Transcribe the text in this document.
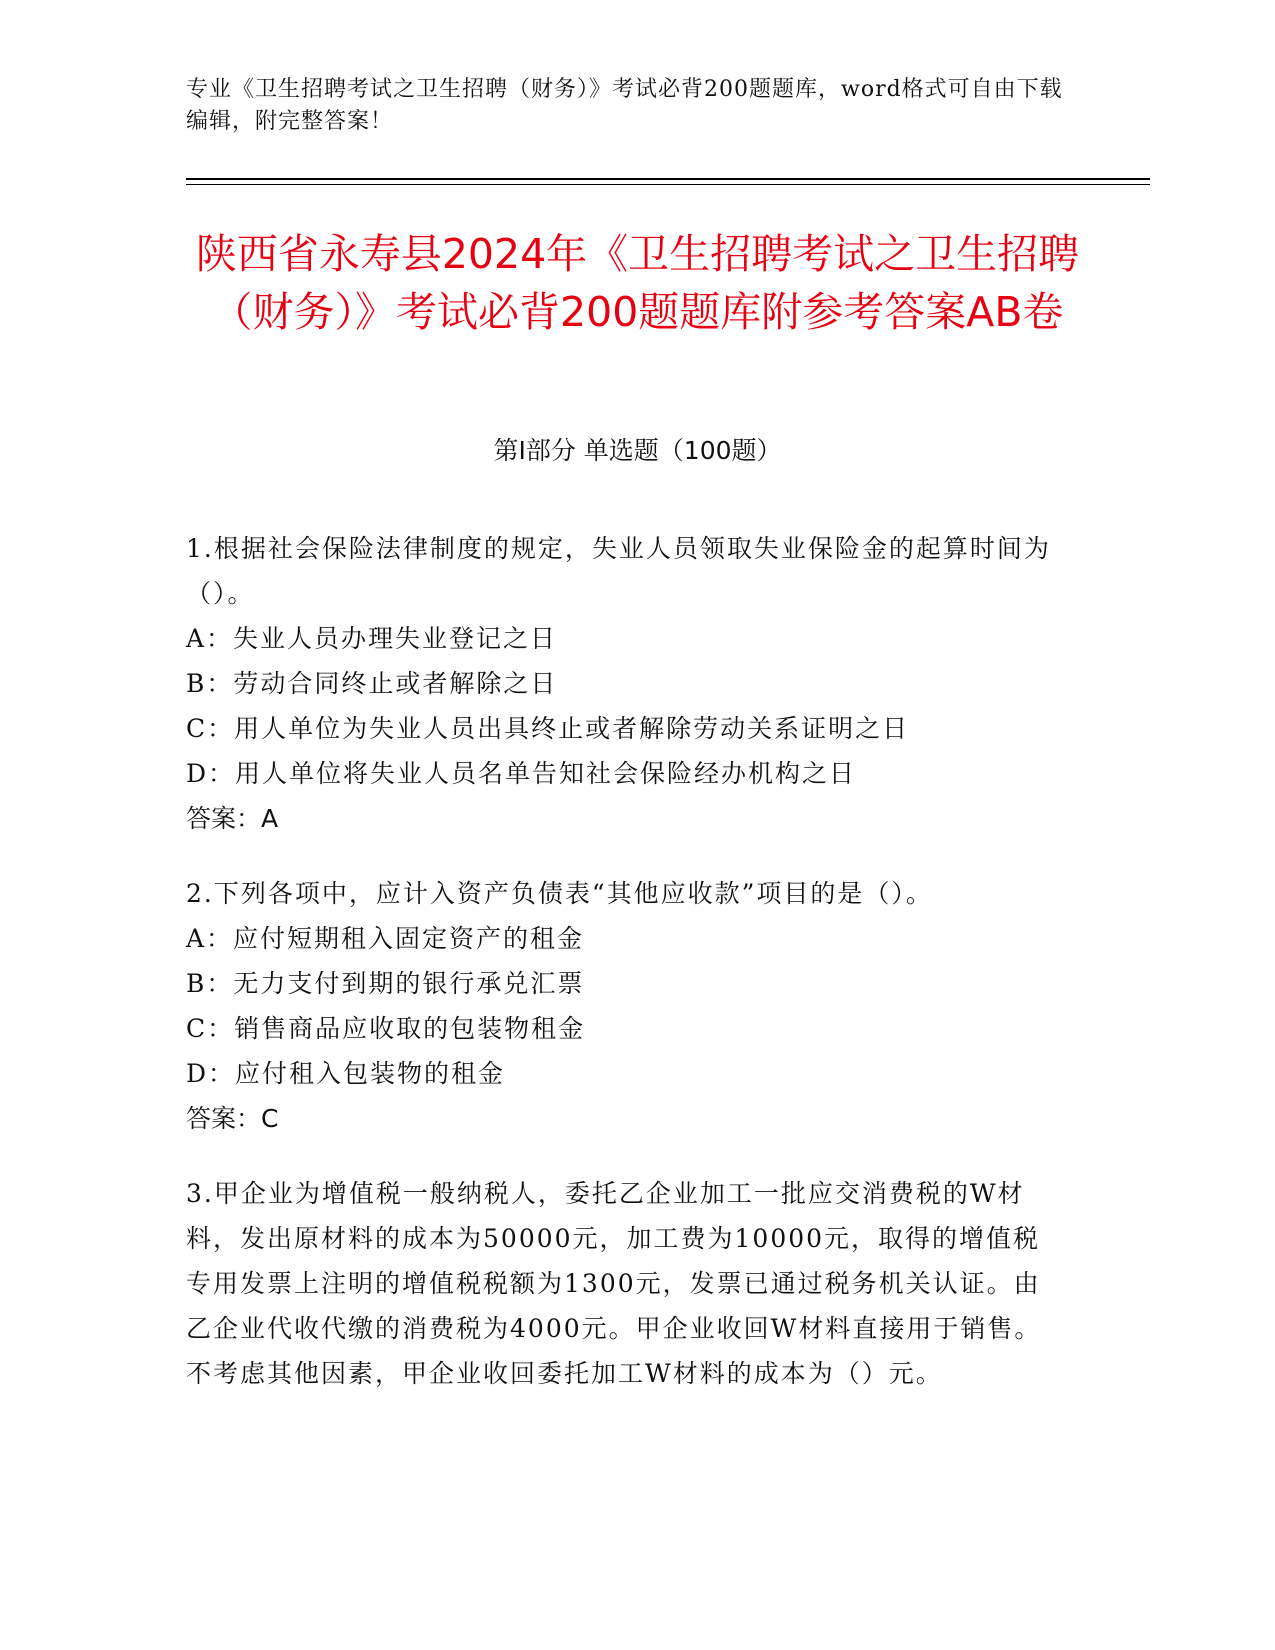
专业《卫生招聘考试之卫生招聘（财务）》考试必背200题题库，word格式可自由下载编辑，附完整答案！
陕西省永寿县2024年《卫生招聘考试之卫生招聘（财务）》考试必背200题题库附参考答案AB卷
第I部分 单选题（100题）

1.根据社会保险法律制度的规定，失业人员领取失业保险金的起算时间为（）。

A：失业人员办理失业登记之日

B：劳动合同终止或者解除之日

C：用人单位为失业人员出具终止或者解除劳动关系证明之日

D：用人单位将失业人员名单告知社会保险经办机构之日

答案：A

2.下列各项中，应计入资产负债表“其他应收款”项目的是（）。

A：应付短期租入固定资产的租金

B：无力支付到期的银行承兑汇票

C：销售商品应收取的包装物租金

D：应付租入包装物的租金

答案：C

3.甲企业为增值税一般纳税人，委托乙企业加工一批应交消费税的W材料，发出原材料的成本为50000元，加工费为10000元，取得的增值税专用发票上注明的增值税税额为1300元，发票已通过税务机关认证。由乙企业代收代缴的消费税为4000元。甲企业收回W材料直接用于销售。不考虑其他因素，甲企业收回委托加工W材料的成本为（）元。
